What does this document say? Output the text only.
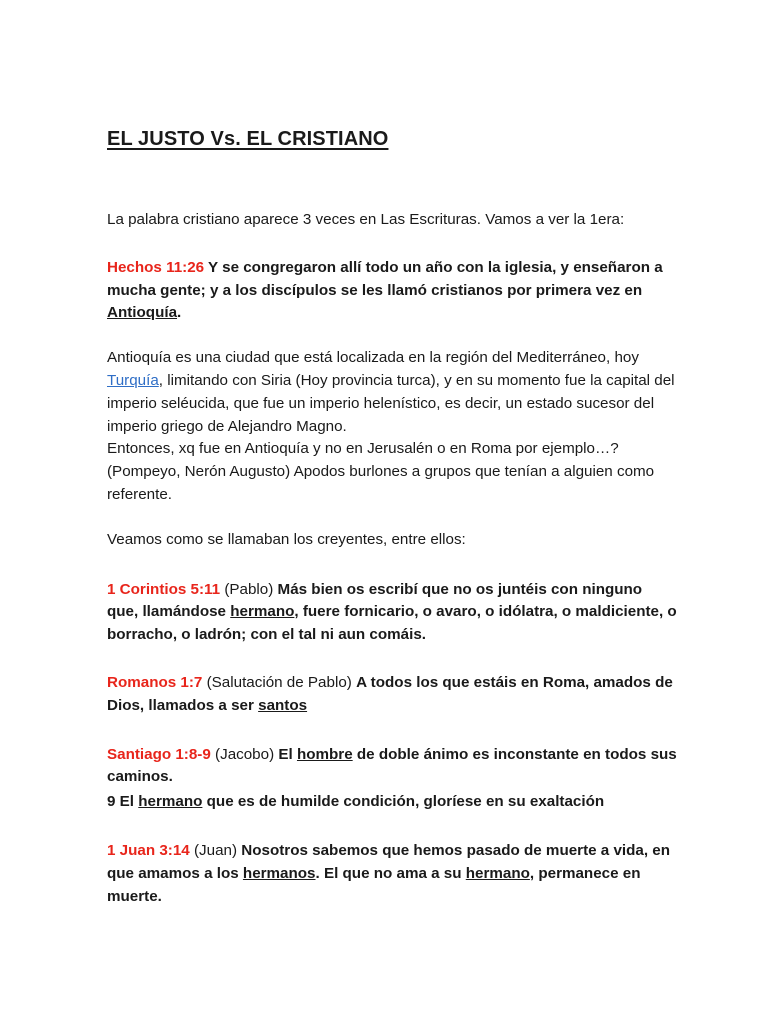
EL JUSTO Vs. EL CRISTIANO

La palabra cristiano aparece 3 veces en Las Escrituras. Vamos a ver la 1era:

Hechos 11:26 Y se congregaron allí todo un año con la iglesia, y enseñaron a mucha gente; y a los discípulos se les llamó cristianos por primera vez en Antioquía.

Antioquía es una ciudad que está localizada en la región del Mediterráneo, hoy Turquía, limitando con Siria (Hoy provincia turca), y en su momento fue la capital del imperio seléucida, que fue un imperio helenístico, es decir, un estado sucesor del imperio griego de Alejandro Magno.

Entonces, xq fue en Antioquía y no en Jerusalén o en Roma por ejemplo…? (Pompeyo, Nerón Augusto) Apodos burlones a grupos que tenían a alguien como referente.

Veamos como se llamaban los creyentes, entre ellos:

1 Corintios 5:11 (Pablo) Más bien os escribí que no os juntéis con ninguno que, llamándose hermano, fuere fornicario, o avaro, o idólatra, o maldiciente, o borracho, o ladrón; con el tal ni aun comáis.

Romanos 1:7 (Salutación de Pablo) A todos los que estáis en Roma, amados de Dios, llamados a ser santos

Santiago 1:8-9 (Jacobo) El hombre de doble ánimo es inconstante en todos sus caminos.

9 El hermano que es de humilde condición, gloríese en su exaltación

1 Juan 3:14 (Juan) Nosotros sabemos que hemos pasado de muerte a vida, en que amamos a los hermanos. El que no ama a su hermano, permanece en muerte.
